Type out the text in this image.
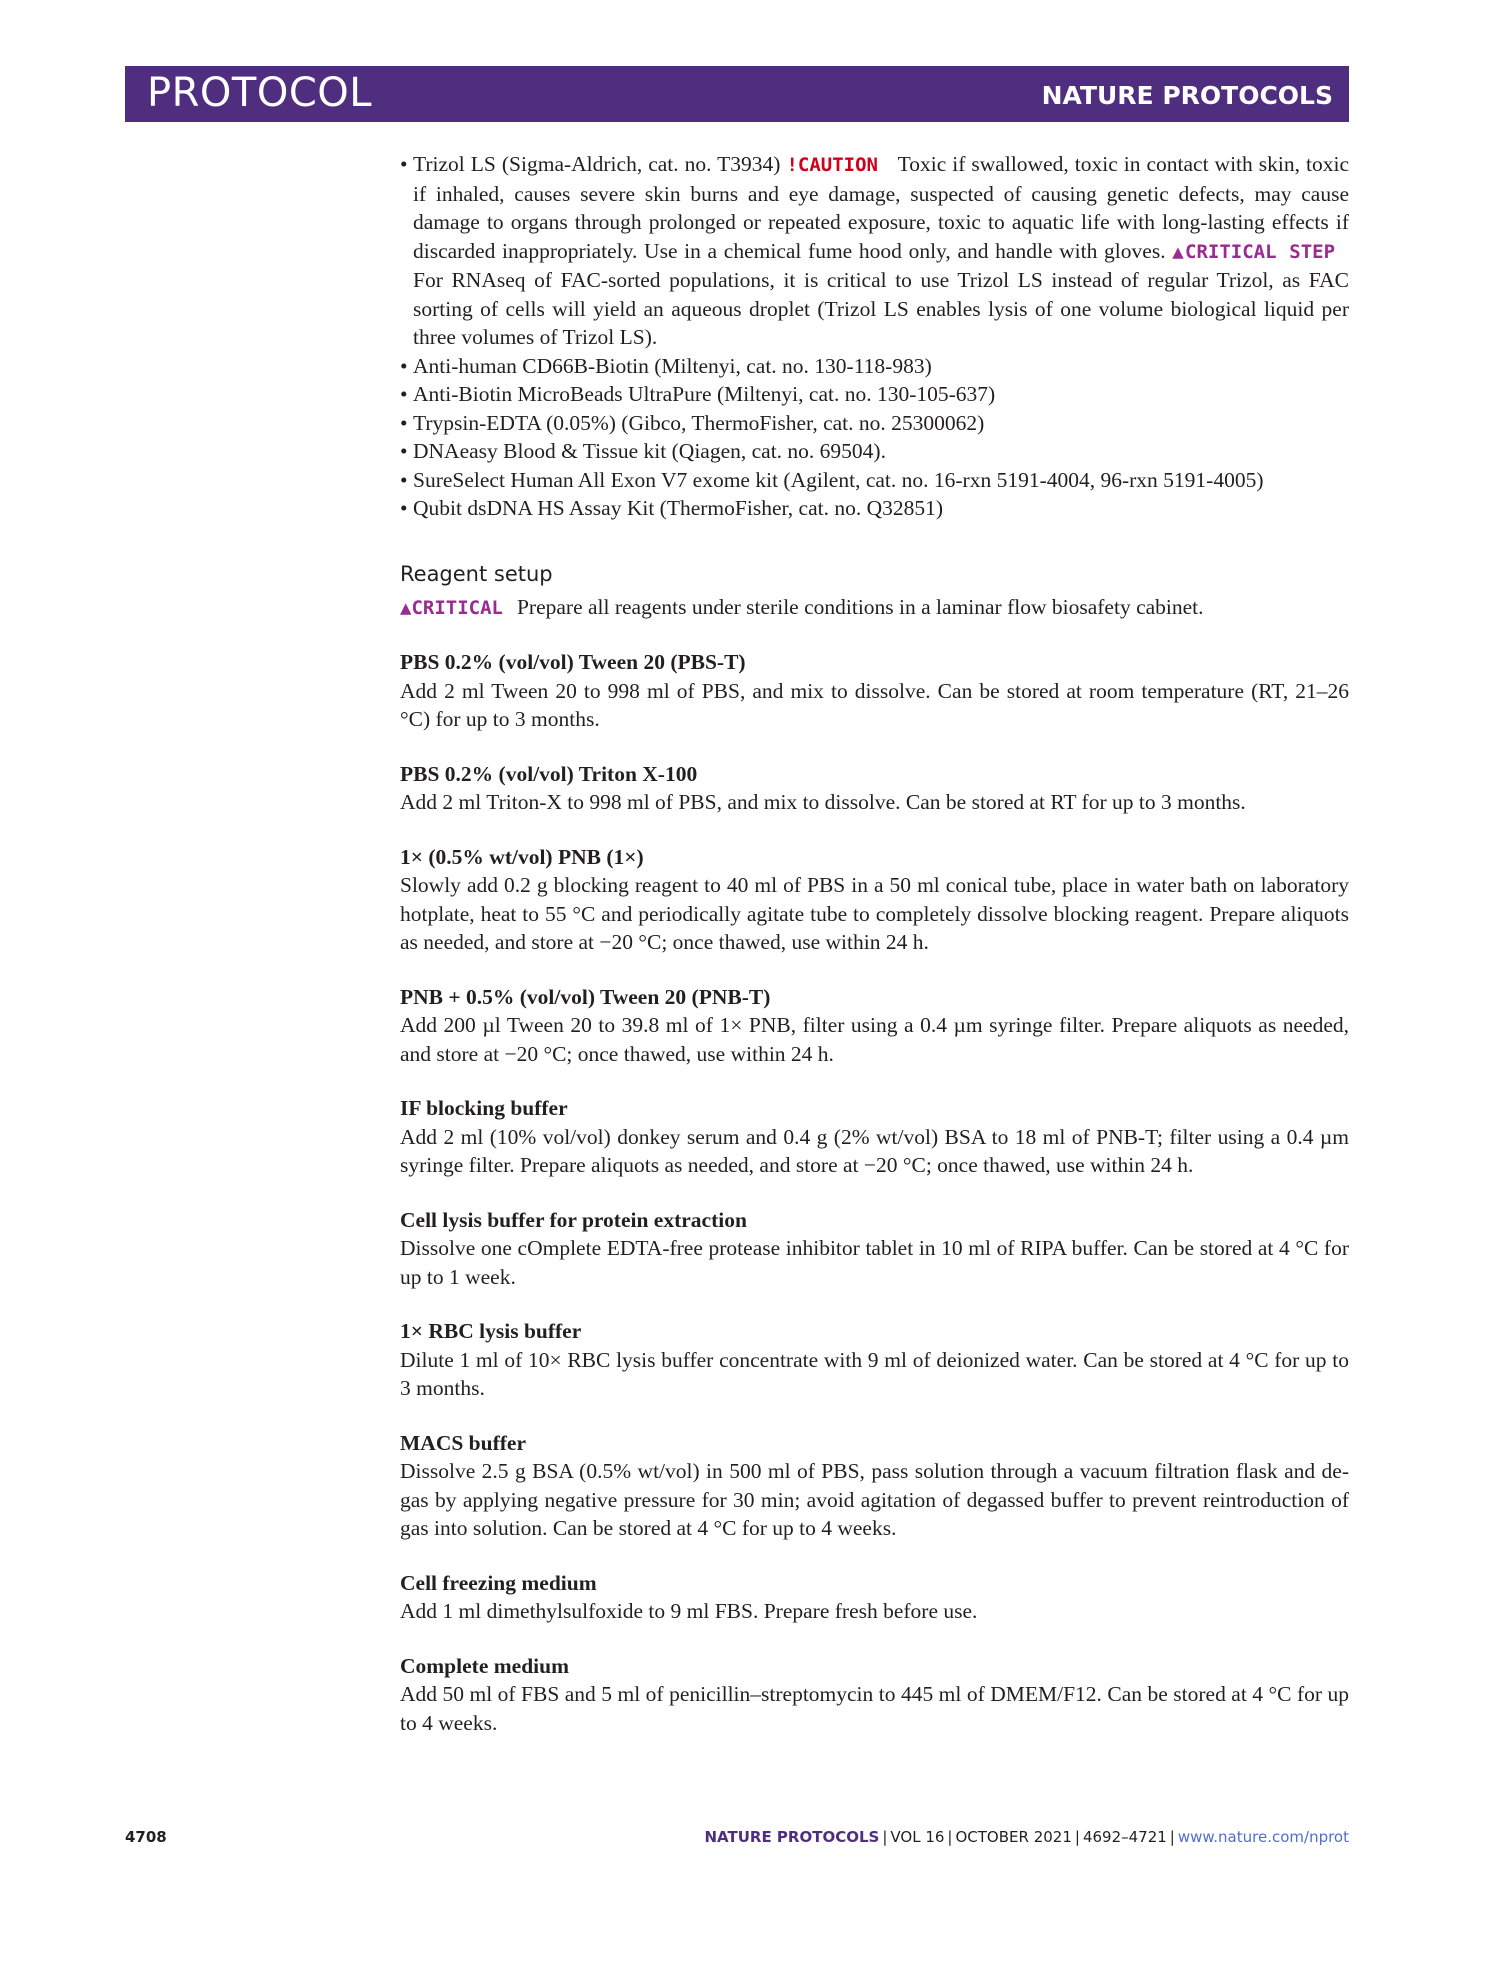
PROTOCOL	NATURE PROTOCOLS
• Trizol LS (Sigma-Aldrich, cat. no. T3934) !CAUTION Toxic if swallowed, toxic in contact with skin, toxic if inhaled, causes severe skin burns and eye damage, suspected of causing genetic defects, may cause damage to organs through prolonged or repeated exposure, toxic to aquatic life with long-lasting effects if discarded inappropriately. Use in a chemical fume hood only, and handle with gloves. ▲CRITICAL STEP For RNAseq of FAC-sorted populations, it is critical to use Trizol LS instead of regular Trizol, as FAC sorting of cells will yield an aqueous droplet (Trizol LS enables lysis of one volume biological liquid per three volumes of Trizol LS).
• Anti-human CD66B-Biotin (Miltenyi, cat. no. 130-118-983)
• Anti-Biotin MicroBeads UltraPure (Miltenyi, cat. no. 130-105-637)
• Trypsin-EDTA (0.05%) (Gibco, ThermoFisher, cat. no. 25300062)
• DNAeasy Blood & Tissue kit (Qiagen, cat. no. 69504).
• SureSelect Human All Exon V7 exome kit (Agilent, cat. no. 16-rxn 5191-4004, 96-rxn 5191-4005)
• Qubit dsDNA HS Assay Kit (ThermoFisher, cat. no. Q32851)
Reagent setup
▲CRITICAL Prepare all reagents under sterile conditions in a laminar flow biosafety cabinet.
PBS 0.2% (vol/vol) Tween 20 (PBS-T)
Add 2 ml Tween 20 to 998 ml of PBS, and mix to dissolve. Can be stored at room temperature (RT, 21–26 °C) for up to 3 months.
PBS 0.2% (vol/vol) Triton X-100
Add 2 ml Triton-X to 998 ml of PBS, and mix to dissolve. Can be stored at RT for up to 3 months.
1× (0.5% wt/vol) PNB (1×)
Slowly add 0.2 g blocking reagent to 40 ml of PBS in a 50 ml conical tube, place in water bath on laboratory hotplate, heat to 55 °C and periodically agitate tube to completely dissolve blocking reagent. Prepare aliquots as needed, and store at −20 °C; once thawed, use within 24 h.
PNB + 0.5% (vol/vol) Tween 20 (PNB-T)
Add 200 µl Tween 20 to 39.8 ml of 1× PNB, filter using a 0.4 µm syringe filter. Prepare aliquots as needed, and store at −20 °C; once thawed, use within 24 h.
IF blocking buffer
Add 2 ml (10% vol/vol) donkey serum and 0.4 g (2% wt/vol) BSA to 18 ml of PNB-T; filter using a 0.4 µm syringe filter. Prepare aliquots as needed, and store at −20 °C; once thawed, use within 24 h.
Cell lysis buffer for protein extraction
Dissolve one cOmplete EDTA-free protease inhibitor tablet in 10 ml of RIPA buffer. Can be stored at 4 °C for up to 1 week.
1× RBC lysis buffer
Dilute 1 ml of 10× RBC lysis buffer concentrate with 9 ml of deionized water. Can be stored at 4 °C for up to 3 months.
MACS buffer
Dissolve 2.5 g BSA (0.5% wt/vol) in 500 ml of PBS, pass solution through a vacuum filtration flask and de-gas by applying negative pressure for 30 min; avoid agitation of degassed buffer to prevent reintroduction of gas into solution. Can be stored at 4 °C for up to 4 weeks.
Cell freezing medium
Add 1 ml dimethylsulfoxide to 9 ml FBS. Prepare fresh before use.
Complete medium
Add 50 ml of FBS and 5 ml of penicillin–streptomycin to 445 ml of DMEM/F12. Can be stored at 4 °C for up to 4 weeks.
4708	NATURE PROTOCOLS | VOL 16 | OCTOBER 2021 | 4692–4721 | www.nature.com/nprot
